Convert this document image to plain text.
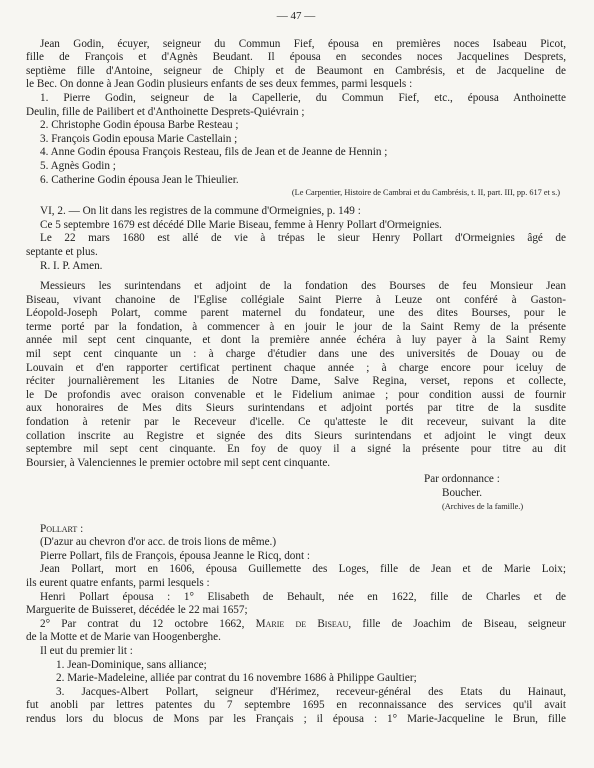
— 47 —

Jean Godin, écuyer, seigneur du Commun Fief, épousa en premières noces Isabeau Picot,

fille de François et d'Agnès Beudant. Il épousa en secondes noces Jacquelines Desprets,

septième fille d'Antoine, seigneur de Chiply et de Beaumont en Cambrésis, et de Jacqueline de

le Bec. On donne à Jean Godin plusieurs enfants de ses deux femmes, parmi lesquels :

1. Pierre Godin, seigneur de la Capellerie, du Commun Fief, etc., épousa Anthoinette

Deulin, fille de Pailibert et d'Anthoinette Desprets-Quiévrain ;

2. Christophe Godin épousa Barbe Resteau ;

3. François Godin epousa Marie Castellain ;

4. Anne Godin épousa François Resteau, fils de Jean et de Jeanne de Hennin ;

5. Agnès Godin ;

6. Catherine Godin épousa Jean le Thieulier.

(Le Carpentier, Histoire de Cambrai et du Cambrésis, t. II, part. III, pp. 617 et s.)

VI, 2. — On lit dans les registres de la commune d'Ormeignies, p. 149 :

Ce 5 septembre 1679 est décédé Dlle Marie Biseau, femme à Henry Pollart d'Ormeignies.

Le 22 mars 1680 est allé de vie à trépas le sieur Henry Pollart d'Ormeignies âgé de

septante et plus.

R. I. P. Amen.

Messieurs les surintendans et adjoint de la fondation des Bourses de feu Monsieur Jean

Biseau, vivant chanoine de l'Eglise collégiale Saint Pierre à Leuze ont conféré à Gaston-

Léopold-Joseph Polart, comme parent maternel du fondateur, une des dites Bourses, pour le

terme porté par la fondation, à commencer à en jouir le jour de la Saint Remy de la présente

année mil sept cent cinquante, et dont la première année échéra à luy payer à la Saint Remy

mil sept cent cinquante un : à charge d'étudier dans une des universités de Douay ou de

Louvain et d'en rapporter certificat pertinent chaque année ; à charge encore pour iceluy de

réciter journalièrement les Litanies de Notre Dame, Salve Regina, verset, repons et collecte,

le De profondis avec oraison convenable et le Fidelium animae ; pour condition aussi de fournir

aux honoraires de Mes dits Sieurs surintendans et adjoint portés par titre de la susdite

fondation à retenir par le Receveur d'icelle. Ce qu'atteste le dit receveur, suivant la dite

collation inscrite au Registre et signée des dits Sieurs surintendans et adjoint le vingt deux

septembre mil sept cent cinquante. En foy de quoy il a signé la présente pour titre au dit

Boursier, à Valenciennes le premier octobre mil sept cent cinquante.

Par ordonnance :

Boucher.

(Archives de la famille.)

Pollart :

(D'azur au chevron d'or acc. de trois lions de même.)

Pierre Pollart, fils de François, épousa Jeanne le Ricq, dont :

Jean Pollart, mort en 1606, épousa Guillemette des Loges, fille de Jean et de Marie Loix;

ils eurent quatre enfants, parmi lesquels :

Henri Pollart épousa : 1° Elisabeth de Behault, née en 1622, fille de Charles et de

Marguerite de Buisseret, décédée le 22 mai 1657;

2° Par contrat du 12 octobre 1662, Marie de Biseau, fille de Joachim de Biseau, seigneur

de la Motte et de Marie van Hoogenberghe.

Il eut du premier lit :

1. Jean-Dominique, sans alliance;

2. Marie-Madeleine, alliée par contrat du 16 novembre 1686 à Philippe Gaultier;

3. Jacques-Albert Pollart, seigneur d'Hérimez, receveur-général des Etats du Hainaut,

fut anobli par lettres patentes du 7 septembre 1695 en reconnaissance des services qu'il avait

rendus lors du blocus de Mons par les Français ; il épousa : 1° Marie-Jacqueline le Brun, fille
